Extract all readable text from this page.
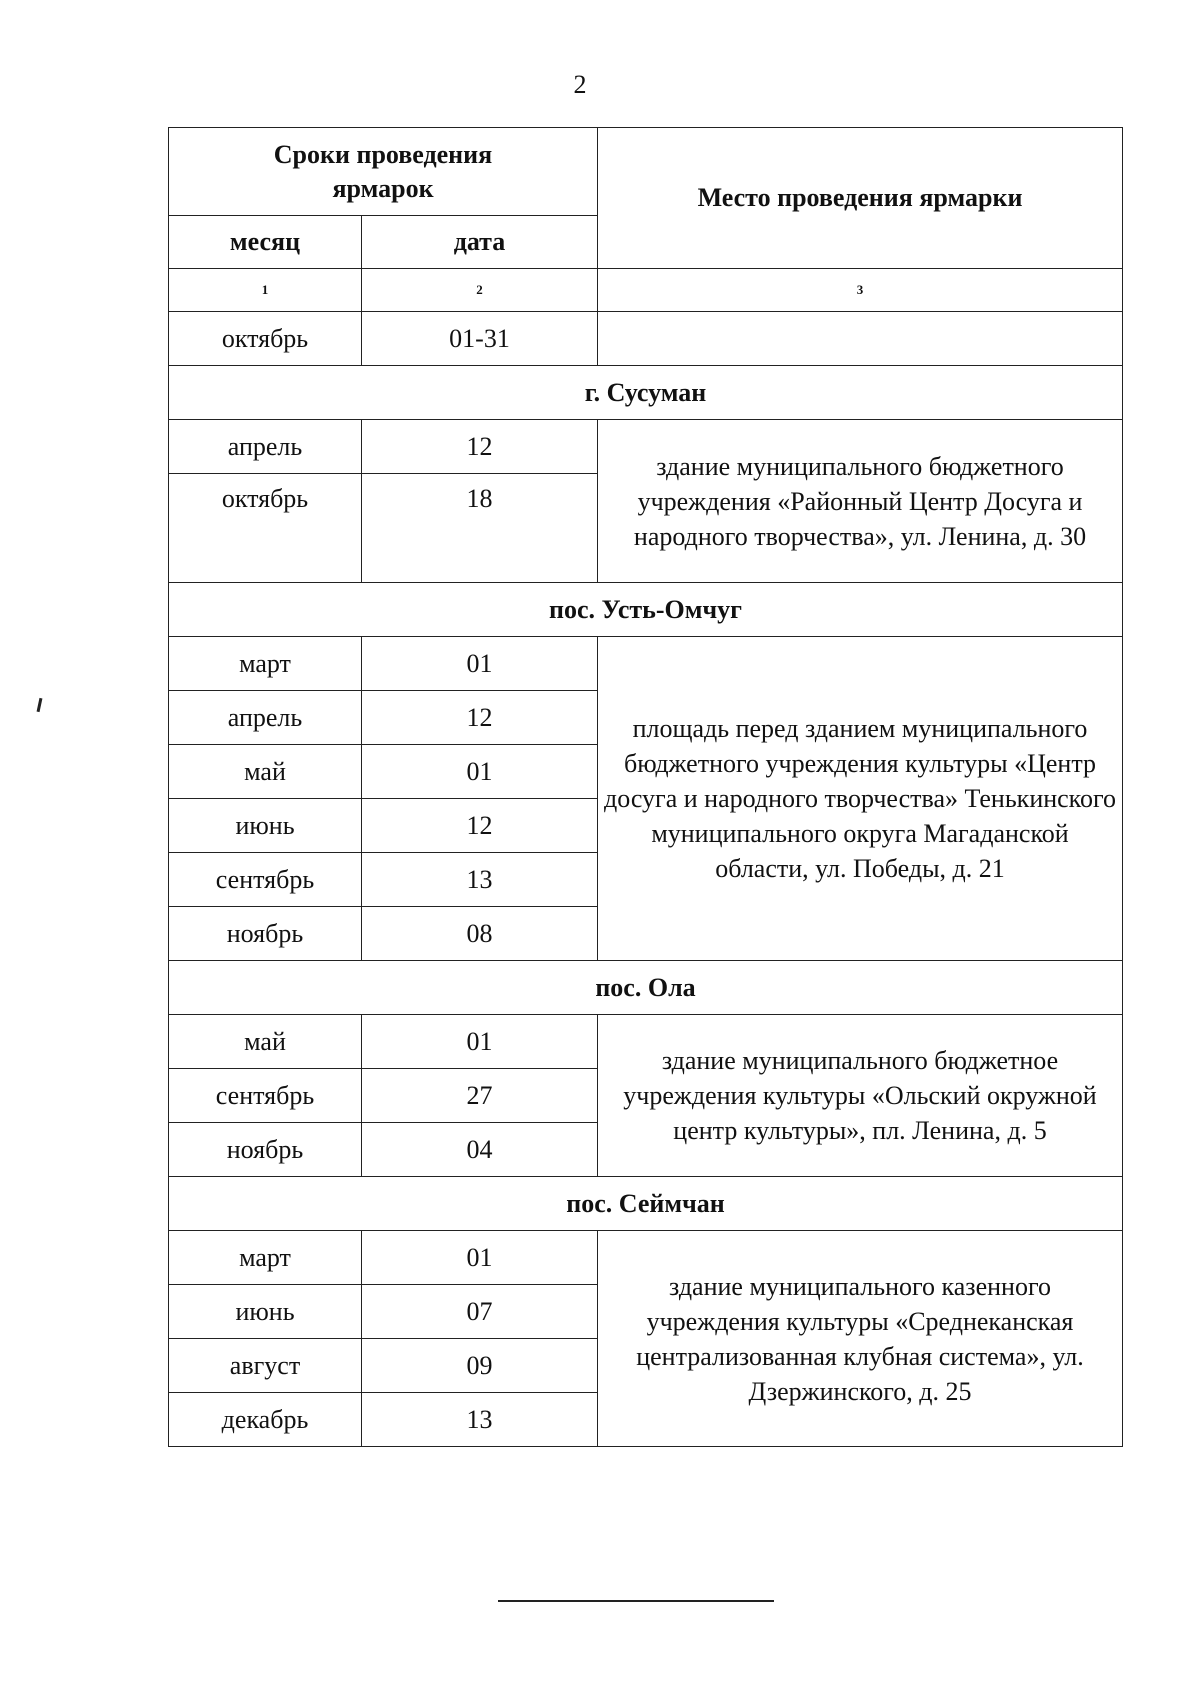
2
Сроки проведения ярмарок		Место проведения ярмарки
месяц	дата	
1	2	3
октябрь	01-31	
г. Сусуман		
апрель	12	здание муниципального бюджетного учреждения «Районный Центр Досуга и народного творчества», ул. Ленина, д. 30
октябрь	18	
пос. Усть-Омчуг		
март	01	площадь перед зданием муниципального бюджетного учреждения культуры «Центр досуга и народного творчества» Тенькинского муниципального округа Магаданской области, ул. Победы, д. 21
апрель	12	
май	01	
июнь	12	
сентябрь	13	
ноябрь	08	
пос. Ола		
май	01	здание муниципального бюджетное учреждения культуры «Ольский окружной центр культуры», пл. Ленина, д. 5
сентябрь	27	
ноябрь	04	
пос. Сеймчан		
март	01	здание муниципального казенного учреждения культуры «Среднеканская централизованная клубная система», ул. Дзержинского, д. 25
июнь	07	
август	09	
декабрь	13	
